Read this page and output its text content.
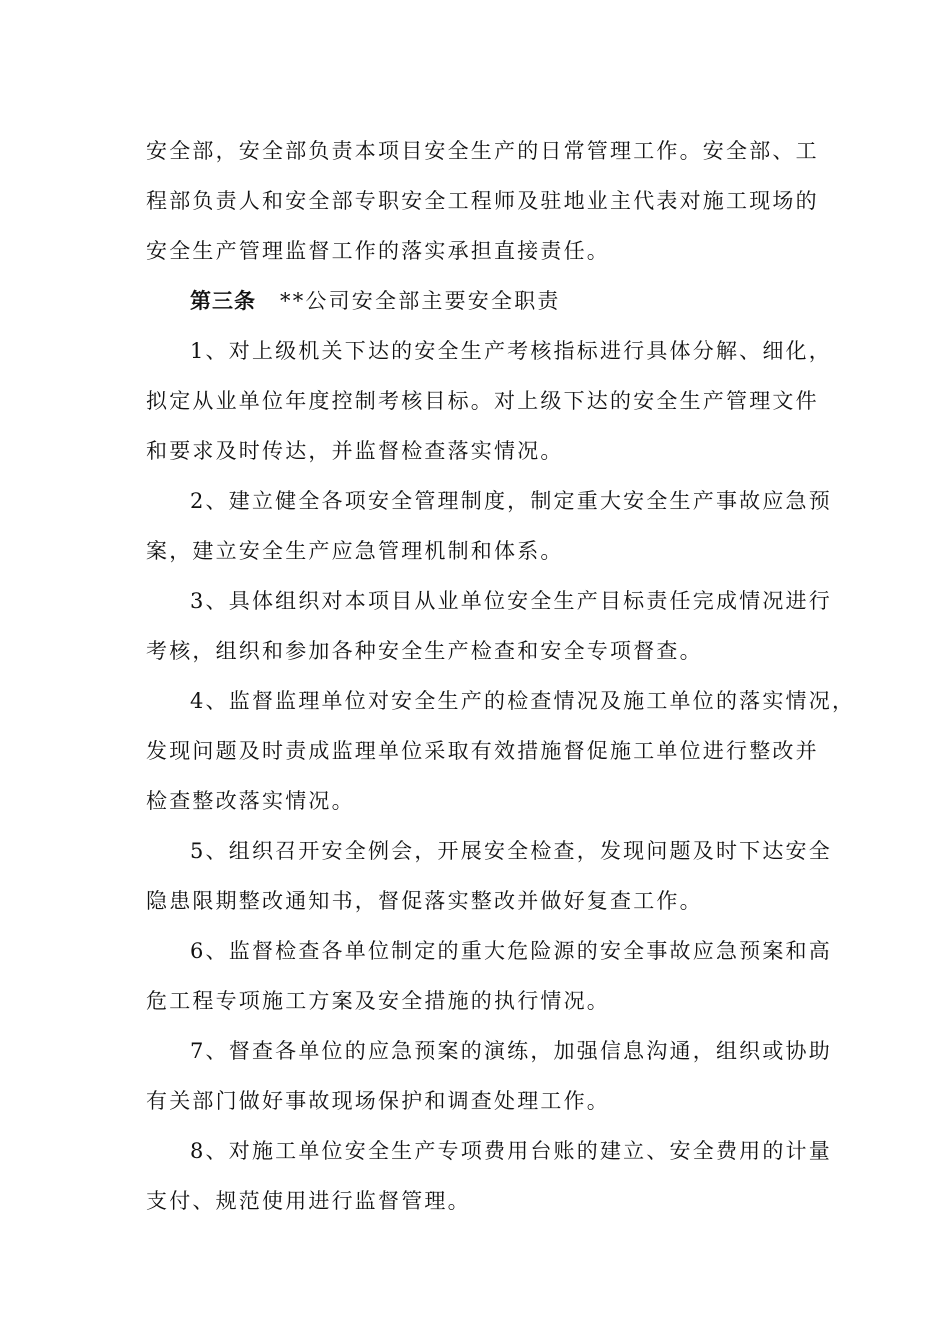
安全部，安全部负责本项目安全生产的日常管理工作。安全部、工
程部负责人和安全部专职安全工程师及驻地业主代表对施工现场的
安全生产管理监督工作的落实承担直接责任。
第三条 **公司安全部主要安全职责
1、对上级机关下达的安全生产考核指标进行具体分解、细化，
拟定从业单位年度控制考核目标。对上级下达的安全生产管理文件
和要求及时传达，并监督检查落实情况。
2、建立健全各项安全管理制度，制定重大安全生产事故应急预
案，建立安全生产应急管理机制和体系。
3、具体组织对本项目从业单位安全生产目标责任完成情况进行
考核，组织和参加各种安全生产检查和安全专项督查。
4、监督监理单位对安全生产的检查情况及施工单位的落实情况，
发现问题及时责成监理单位采取有效措施督促施工单位进行整改并
检查整改落实情况。
5、组织召开安全例会，开展安全检查，发现问题及时下达安全
隐患限期整改通知书，督促落实整改并做好复查工作。
6、监督检查各单位制定的重大危险源的安全事故应急预案和高
危工程专项施工方案及安全措施的执行情况。
7、督查各单位的应急预案的演练，加强信息沟通，组织或协助
有关部门做好事故现场保护和调查处理工作。
8、对施工单位安全生产专项费用台账的建立、安全费用的计量
支付、规范使用进行监督管理。
